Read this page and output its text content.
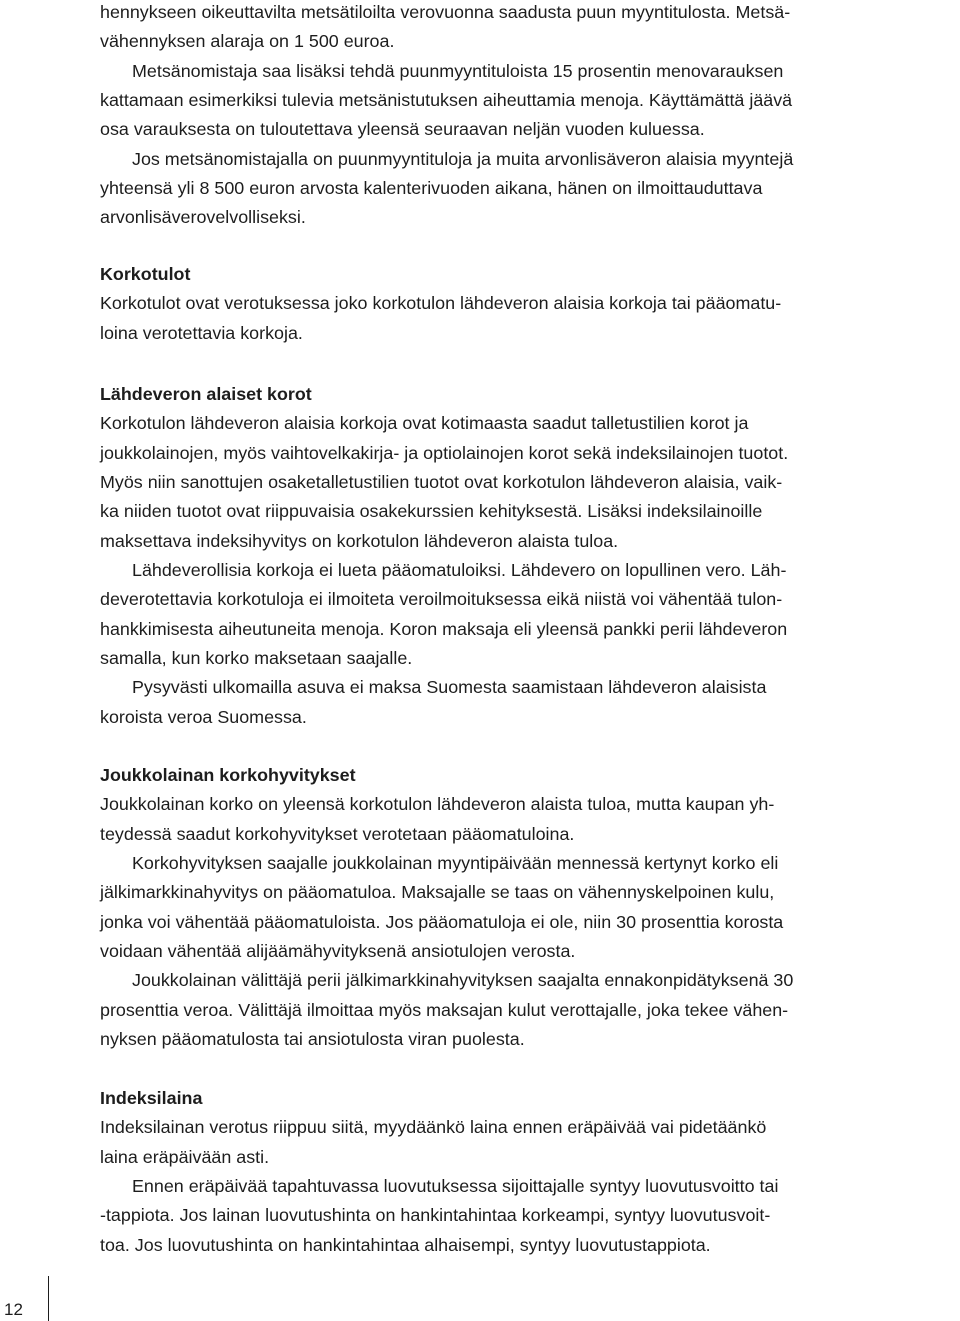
hennykseen oikeuttavilta metsätiloilta verovuonna saadusta puun myyntitulosta. Metsä-
vähennyksen alaraja on 1 500 euroa.
Metsänomistaja saa lisäksi tehdä puunmyyntituloista 15 prosentin menovarauksen
kattamaan esimerkiksi tulevia metsänistutuksen aiheuttamia menoja. Käyttämättä jäävä
osa varauksesta on tuloutettava yleensä seuraavan neljän vuoden kuluessa.
Jos metsänomistajalla on puunmyyntituloja ja muita arvonlisäveron alaisia myyntejä
yhteensä yli 8 500 euron arvosta kalenterivuoden aikana, hänen on ilmoittauduttava
arvonlisäverovelvolliseksi.
Korkotulot
Korkotulot ovat verotuksessa joko korkotulon lähdeveron alaisia korkoja tai pääomatu-
loina verotettavia korkoja.
Lähdeveron alaiset korot
Korkotulon lähdeveron alaisia korkoja ovat kotimaasta saadut talletustilien korot ja
joukkolainojen, myös vaihtovelkakirja- ja optiolainojen korot sekä indeksilainojen tuotot.
Myös niin sanottujen osaketalletustilien tuotot ovat korkotulon lähdeveron alaisia, vaik-
ka niiden tuotot ovat riippuvaisia osakekurssien kehityksestä. Lisäksi indeksilainoille
maksettava indeksihyvitys on korkotulon lähdeveron alaista tuloa.
Lähdeverollisia korkoja ei lueta pääomatuloiksi. Lähdevero on lopullinen vero. Läh-
deverotettavia korkotuloja ei ilmoiteta veroilmoituksessa eikä niistä voi vähentää tulon-
hankkimisesta aiheutuneita menoja. Koron maksaja eli yleensä pankki perii lähdeveron
samalla, kun korko maksetaan saajalle.
Pysyvästi ulkomailla asuva ei maksa Suomesta saamistaan lähdeveron alaisista
koroista veroa Suomessa.
Joukkolainan korkohyvitykset
Joukkolainan korko on yleensä korkotulon lähdeveron alaista tuloa, mutta kaupan yh-
teydessä saadut korkohyvitykset verotetaan pääomatuloina.
Korkohyvityksen saajalle joukkolainan myyntipäivään mennessä kertynyt korko eli
jälkimarkkinahyvitys on pääomatuloa. Maksajalle se taas on vähennyskelpoinen kulu,
jonka voi vähentää pääomatuloista. Jos pääomatuloja ei ole, niin 30 prosenttia korosta
voidaan vähentää alijäämähyvityksenä ansiotulojen verosta.
Joukkolainan välittäjä perii jälkimarkkinahyvityksen saajalta ennakonpidätyksenä 30
prosenttia veroa. Välittäjä ilmoittaa myös maksajan kulut verottajalle, joka tekee vähen-
nyksen pääomatulosta tai ansiotulosta viran puolesta.
Indeksilaina
Indeksilainan verotus riippuu siitä, myydäänkö laina ennen eräpäivää vai pidetäänkö
laina eräpäivään asti.
Ennen eräpäivää tapahtuvassa luovutuksessa sijoittajalle syntyy luovutusvoitto tai
-tappiota. Jos lainan luovutushinta on hankintahintaa korkeampi, syntyy luovutusvoit-
toa. Jos luovutushinta on hankintahintaa alhaisempi, syntyy luovutustappiota.
12
